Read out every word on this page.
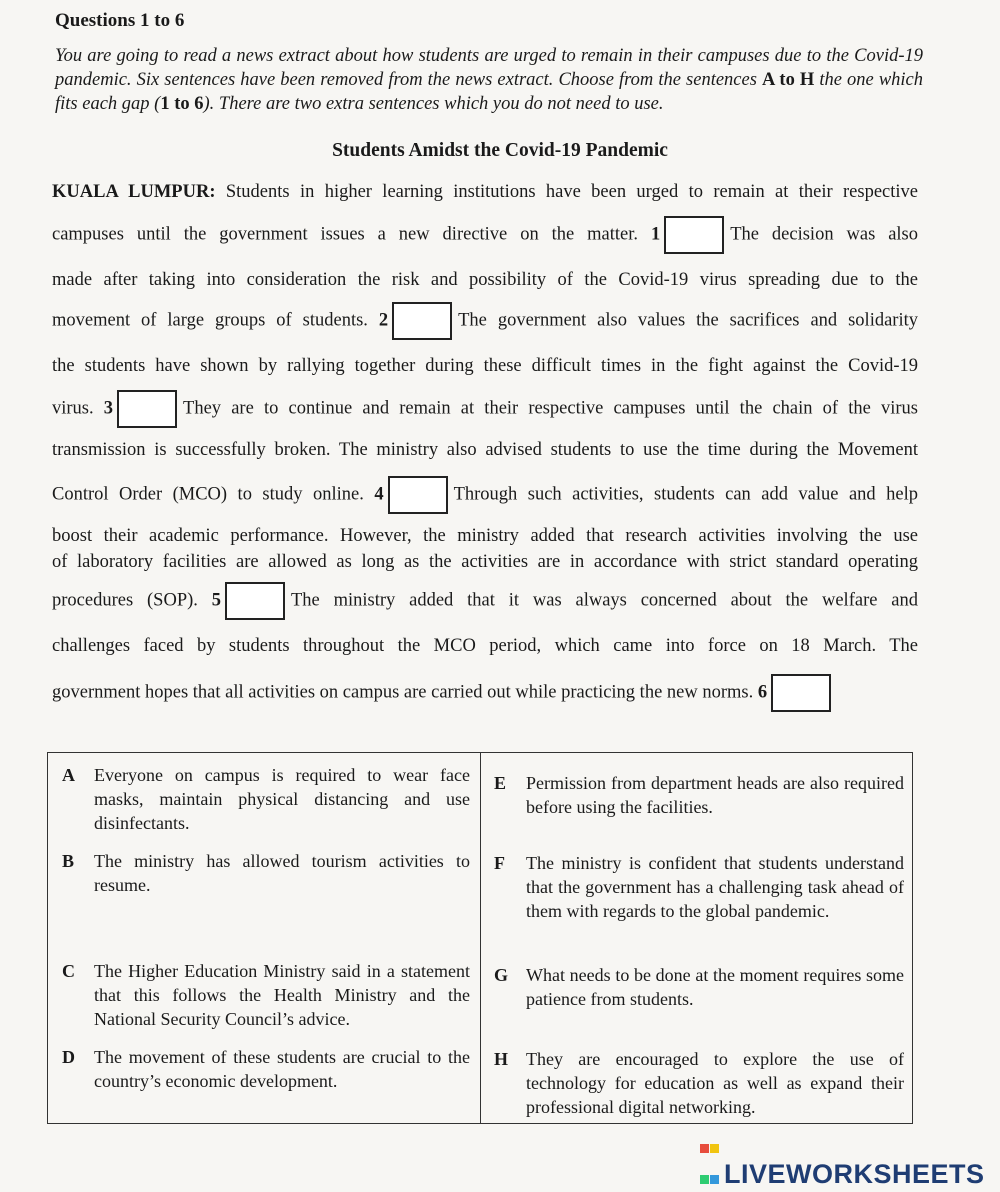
Questions 1 to 6
You are going to read a news extract about how students are urged to remain in their campuses due to the Covid-19 pandemic. Six sentences have been removed from the news extract. Choose from the sentences A to H the one which fits each gap (1 to 6). There are two extra sentences which you do not need to use.
Students Amidst the Covid-19 Pandemic
KUALA LUMPUR: Students in higher learning institutions have been urged to remain at their respective
campuses until the government issues a new directive on the matter. 1	The decision was also
made after taking into consideration the risk and possibility of the Covid-19 virus spreading due to the
movement of large groups of students. 2	The government also values the sacrifices and solidarity
the students have shown by rallying together during these difficult times in the fight against the Covid-19
virus. 3	They are to continue and remain at their respective campuses until the chain of the virus
transmission is successfully broken. The ministry also advised students to use the time during the Movement
Control Order (MCO) to study online. 4	Through such activities, students can add value and help
boost their academic performance. However, the ministry added that research activities involving the use
of laboratory facilities are allowed as long as the activities are in accordance with strict standard operating
procedures (SOP). 5	The ministry added that it was always concerned about the welfare and
challenges faced by students throughout the MCO period, which came into force on 18 March. The
government hopes that all activities on campus are carried out while practicing the new norms. 6
A Everyone on campus is required to wear face masks, maintain physical distancing and use disinfectants.
B The ministry has allowed tourism activities to resume.
C The Higher Education Ministry said in a statement that this follows the Health Ministry and the National Security Council’s advice.
D The movement of these students are crucial to the country’s economic development.
E Permission from department heads are also required before using the facilities.
F The ministry is confident that students understand that the government has a challenging task ahead of them with regards to the global pandemic.
G What needs to be done at the moment requires some patience from students.
H They are encouraged to explore the use of technology for education as well as expand their professional digital networking.
LIVEWORKSHEETS
